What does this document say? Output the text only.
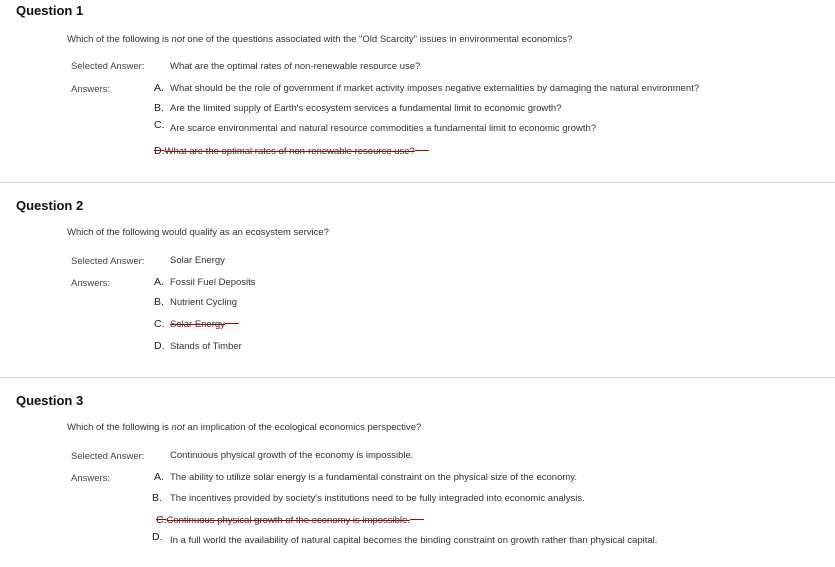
Question 1
Which of the following is not one of the questions associated with the "Old Scarcity" issues in environmental economics?
Selected Answer:	What are the optimal rates of non-renewable resource use?
Answers:	A. What should be the role of government if market activity imposes negative externalities by damaging the natural environment?
B. Are the limited supply of Earth's ecosystem services a fundamental limit to economic growth?
C. Are scarce environmental and natural resource commodities a fundamental limit to economic growth?
D. What are the optimal rates of non-renewable resource use?
Question 2
Which of the following would qualify as an ecosystem service?
Selected Answer:	Solar Energy
Answers:	A. Fossil Fuel Deposits
B. Nutrient Cycling
C. Solar Energy
D. Stands of Timber
Question 3
Which of the following is not an implication of the ecological economics perspective?
Selected Answer:	Continuous physical growth of the economy is impossible.
Answers:	A. The ability to utilize solar energy is a fundamental constraint on the physical size of the economy.
B. The incentives provided by society's institutions need to be fully integraded into economic analysis.
C. Continuous physical growth of the economy is impossible.
D. In a full world the availability of natural capital becomes the binding constraint on growth rather than physical capital.
